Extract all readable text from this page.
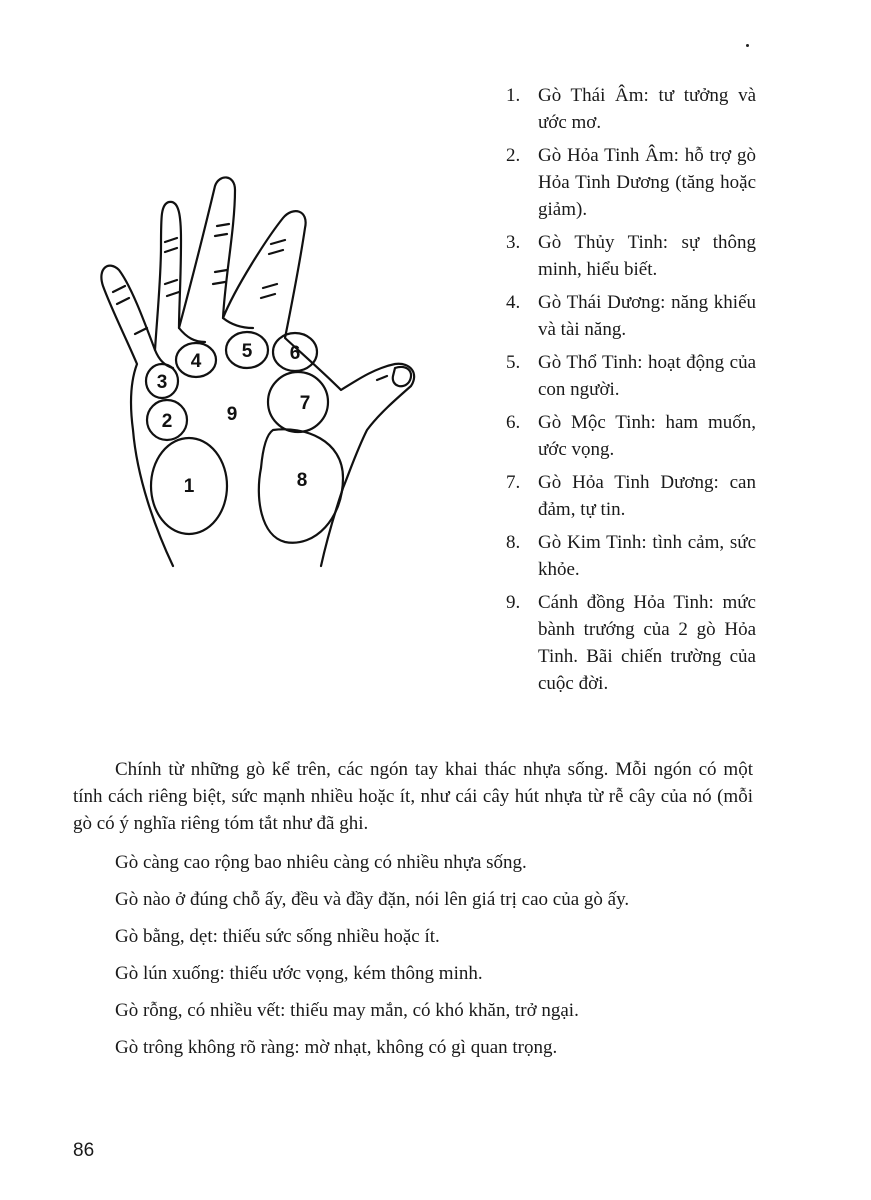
3
4 5 6
2
7
1	8
9
1. Gò Thái Âm: tư tưởng và ước mơ.
2. Gò Hỏa Tinh Âm: hỗ trợ gò Hỏa Tinh Dương (tăng hoặc giảm).
3. Gò Thủy Tinh: sự thông minh, hiểu biết.
4. Gò Thái Dương: năng khiếu và tài năng.
5. Gò Thổ Tinh: hoạt động của con người.
6. Gò Mộc Tinh: ham muốn, ước vọng.
7. Gò Hỏa Tinh Dương: can đảm, tự tin.
8. Gò Kim Tinh: tình cảm, sức khỏe.
9. Cánh đồng Hỏa Tinh: mức bành trướng của 2 gò Hỏa Tinh. Bãi chiến trường của cuộc đời.

Chính từ những gò kể trên, các ngón tay khai thác nhựa sống. Mỗi ngón có một tính cách riêng biệt, sức mạnh nhiều hoặc ít, như cái cây hút nhựa từ rễ cây của nó (mỗi gò có ý nghĩa riêng tóm tắt như đã ghi.

Gò càng cao rộng bao nhiêu càng có nhiều nhựa sống.

Gò nào ở đúng chỗ ấy, đều và đầy đặn, nói lên giá trị cao của gò ấy.

Gò bằng, dẹt: thiếu sức sống nhiều hoặc ít.

Gò lún xuống: thiếu ước vọng, kém thông minh.

Gò rỗng, có nhiều vết: thiếu may mắn, có khó khăn, trở ngại.

Gò trông không rõ ràng: mờ nhạt, không có gì quan trọng.

86
